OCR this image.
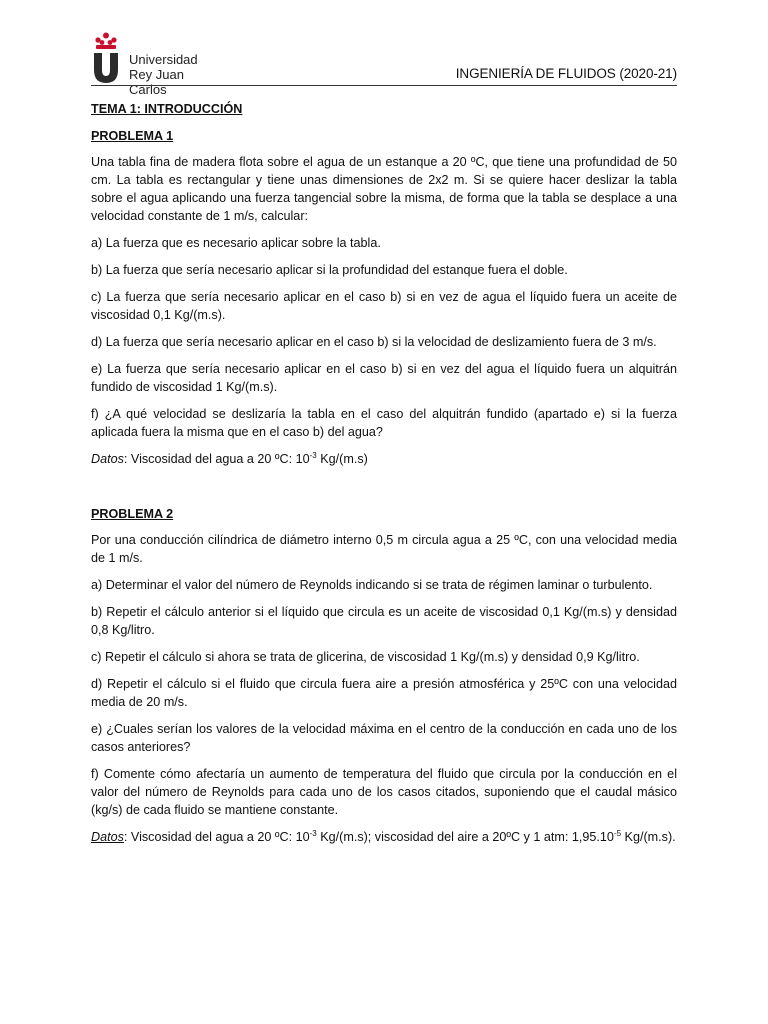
Universidad
Rey Juan Carlos
INGENIERÍA DE FLUIDOS (2020-21)

TEMA 1: INTRODUCCIÓN

PROBLEMA 1

Una tabla fina de madera flota sobre el agua de un estanque a 20 ºC, que tiene una profundidad de 50 cm. La tabla es rectangular y tiene unas dimensiones de 2x2 m. Si se quiere hacer deslizar la tabla sobre el agua aplicando una fuerza tangencial sobre la misma, de forma que la tabla se desplace a una velocidad constante de 1 m/s, calcular:

a) La fuerza que es necesario aplicar sobre la tabla.

b) La fuerza que sería necesario aplicar si la profundidad del estanque fuera el doble.

c) La fuerza que sería necesario aplicar en el caso b) si en vez de agua el líquido fuera un aceite de viscosidad 0,1 Kg/(m.s).

d) La fuerza que sería necesario aplicar en el caso b) si la velocidad de deslizamiento fuera de 3 m/s.

e) La fuerza que sería necesario aplicar en el caso b) si en vez del agua el líquido fuera un alquitrán fundido de viscosidad 1 Kg/(m.s).

f) ¿A qué velocidad se deslizaría la tabla en el caso del alquitrán fundido (apartado e) si la fuerza aplicada fuera la misma que en el caso b) del agua?

Datos: Viscosidad del agua a 20 ºC: $10^{-3}$ Kg/(m.s)

PROBLEMA 2

Por una conducción cilíndrica de diámetro interno 0,5 m circula agua a 25 ºC, con una velocidad media de 1 m/s.

a) Determinar el valor del número de Reynolds indicando si se trata de régimen laminar o turbulento.

b) Repetir el cálculo anterior si el líquido que circula es un aceite de viscosidad 0,1 Kg/(m.s) y densidad 0,8 Kg/litro.

c) Repetir el cálculo si ahora se trata de glicerina, de viscosidad 1 Kg/(m.s) y densidad 0,9 Kg/litro.

d) Repetir el cálculo si el fluido que circula fuera aire a presión atmosférica y 25ºC con una velocidad media de 20 m/s.

e) ¿Cuales serían los valores de la velocidad máxima en el centro de la conducción en cada uno de los casos anteriores?

f) Comente cómo afectaría un aumento de temperatura del fluido que circula por la conducción en el valor del número de Reynolds para cada uno de los casos citados, suponiendo que el caudal másico (kg/s) de cada fluido se mantiene constante.

Datos: Viscosidad del agua a 20 ºC: $10^{-3}$ Kg/(m.s); viscosidad del aire a 20ºC y 1 atm: $1,95.10^{-5}$ Kg/(m.s).
